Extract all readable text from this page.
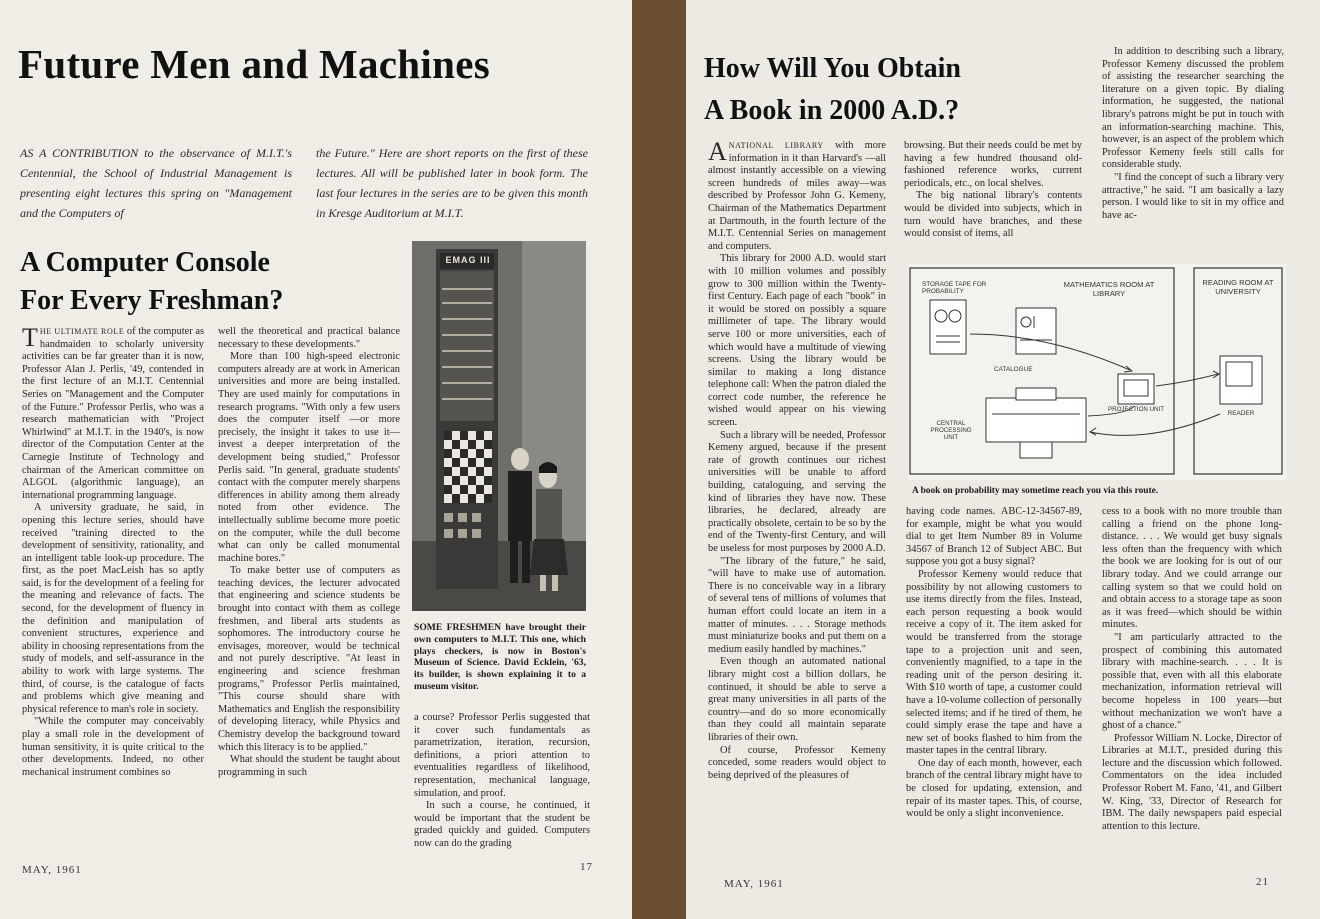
Future Men and Machines
AS A CONTRIBUTION to the observance of M.I.T.'s Centennial, the School of Industrial Management is presenting eight lectures this spring on "Management and the Computers of
the Future." Here are short reports on the first of these lectures. All will be published later in book form. The last four lectures in the series are to be given this month in Kresge Auditorium at M.I.T.
A Computer Console
For Every Freshman?

THE ULTIMATE ROLE of the computer as handmaiden to scholarly university activities can be far greater than it is now, Professor Alan J. Perlis, '49, contended in the first lecture of an M.I.T. Centennial Series on "Management and the Computer of the Future." Professor Perlis, who was a research mathematician with "Project Whirlwind" at M.I.T. in the 1940's, is now director of the Computation Center at the Carnegie Institute of Technology and chairman of the American committee on ALGOL (algorithmic language), an international programming language.

A university graduate, he said, in opening this lecture series, should have received "training directed to the development of sensitivity, rationality, and an intelligent table look-up procedure. The first, as the poet MacLeish has so aptly said, is for the development of a feeling for the meaning and relevance of facts. The second, for the development of fluency in the definition and manipulation of convenient structures, experience and ability in choosing representations from the study of models, and self-assurance in the ability to work with large systems. The third, of course, is the catalogue of facts and problems which give meaning and physical reference to man's role in society.

"While the computer may conceivably play a small role in the development of human sensitivity, it is quite critical to the other developments. Indeed, no other mechanical instrument combines so

well the theoretical and practical balance necessary to these developments."

More than 100 high-speed electronic computers already are at work in American universities and more are being installed. They are used mainly for computations in research programs. "With only a few users does the computer itself —or more precisely, the insight it takes to use it—invest a deeper interpretation of the development being studied," Professor Perlis said. "In general, graduate students' contact with the computer merely sharpens differences in ability among them already noted from other evidence. The intellectually sublime become more poetic on the computer, while the dull become what can only be called monumental machine bores."

To make better use of computers as teaching devices, the lecturer advocated that engineering and science students be brought into contact with them as college freshmen, and liberal arts students as sophomores. The introductory course he envisages, moreover, would be technical and not purely descriptive. "At least in engineering and science freshman programs," Professor Perlis maintained, "This course should share with Mathematics and English the responsibility of developing literacy, while Physics and Chemistry develop the background toward which this literacy is to be applied."

What should the student be taught about programming in such

EMAG III
SOME FRESHMEN have brought their own computers to M.I.T. This one, which plays checkers, is now in Boston's Museum of Science. David Ecklein, '63, its builder, is shown explaining it to a museum visitor.

a course? Professor Perlis suggested that it cover such fundamentals as parametrization, iteration, recursion, definitions, a priori attention to eventualities regardless of likelihood, representation, mechanical language, simulation, and proof.

In such a course, he continued, it would be important that the student be graded quickly and guided. Computers now can do the grading

MAY, 1961	17
How Will You Obtain
A Book in 2000 A.D.?

ANATIONAL LIBRARY with more information in it than Harvard's —all almost instantly accessible on a viewing screen hundreds of miles away—was described by Professor John G. Kemeny, Chairman of the Mathematics Department at Dartmouth, in the fourth lecture of the M.I.T. Centennial Series on management and computers.

This library for 2000 A.D. would start with 10 million volumes and possibly grow to 300 million within the Twenty-first Century. Each page of each "book" in it would be stored on possibly a square millimeter of tape. The library would serve 100 or more universities, each of which would have a multitude of viewing screens. Using the library would be similar to making a long distance telephone call: When the patron dialed the correct code number, the reference he wished would appear on his viewing screen.

Such a library will be needed, Professor Kemeny argued, because if the present rate of growth continues our richest universities will be unable to afford building, cataloguing, and serving the kind of libraries they have now. These libraries, he declared, already are practically obsolete, certain to be so by the end of the Twenty-first Century, and will be useless for most purposes by 2000 A.D.

"The library of the future," he said, "will have to make use of automation. There is no conceivable way in a library of several tens of millions of volumes that human effort could locate an item in a matter of minutes. . . . Storage methods must miniaturize books and put them on a medium easily handled by machines."

Even though an automated national library might cost a billion dollars, he continued, it should be able to serve a great many universities in all parts of the country—and do so more economically than they could all maintain separate libraries of their own.

Of course, Professor Kemeny conceded, some readers would object to being deprived of the pleasures of

browsing. But their needs could be met by having a few hundred thousand old-fashioned reference works, current periodicals, etc., on local shelves.

The big national library's contents would be divided into subjects, which in turn would have branches, and these would consist of items, all

In addition to describing such a library, Professor Kemeny discussed the problem of assisting the researcher searching the literature on a given topic. By dialing information, he suggested, the national library's patrons might be put in touch with an information-searching machine. This, however, is an aspect of the problem which Professor Kemeny feels still calls for considerable study.

"I find the concept of such a library very attractive," he said. "I am basically a lazy person. I would like to sit in my office and have ac-

STORAGE TAPE FOR PROBABILITY
MATHEMATICS ROOM AT LIBRARY
READING ROOM AT UNIVERSITY
CATALOGUE
CENTRAL PROCESSING UNIT
PROJECTION UNIT
READER
A book on probability may sometime reach you via this route.

having code names. ABC-12-34567-89, for example, might be what you would dial to get Item Number 89 in Volume 34567 of Branch 12 of Subject ABC. But suppose you got a busy signal?

Professor Kemeny would reduce that possibility by not allowing customers to use items directly from the files. Instead, each person requesting a book would receive a copy of it. The item asked for would be transferred from the storage tape to a projection unit and seen, conveniently magnified, to a tape in the reading unit of the person desiring it. With $10 worth of tape, a customer could have a 10-volume collection of personally selected items; and if he tired of them, he could simply erase the tape and have a new set of books flashed to him from the master tapes in the central library.

One day of each month, however, each branch of the central library might have to be closed for updating, extension, and repair of its master tapes. This, of course, would be only a slight inconvenience.

cess to a book with no more trouble than calling a friend on the phone long-distance. . . . We would get busy signals less often than the frequency with which the book we are looking for is out of our library today. And we could arrange our calling system so that we could hold on and obtain access to a storage tape as soon as it was freed—which should be within minutes.

"I am particularly attracted to the prospect of combining this automated library with machine-search. . . . It is possible that, even with all this elaborate mechanization, information retrieval will become hopeless in 100 years—but without mechanization we won't have a ghost of a chance."

Professor William N. Locke, Director of Libraries at M.I.T., presided during this lecture and the discussion which followed. Commentators on the idea included Professor Robert M. Fano, '41, and Gilbert W. King, '33, Director of Research for IBM. The daily newspapers paid especial attention to this lecture.

MAY, 1961	21
